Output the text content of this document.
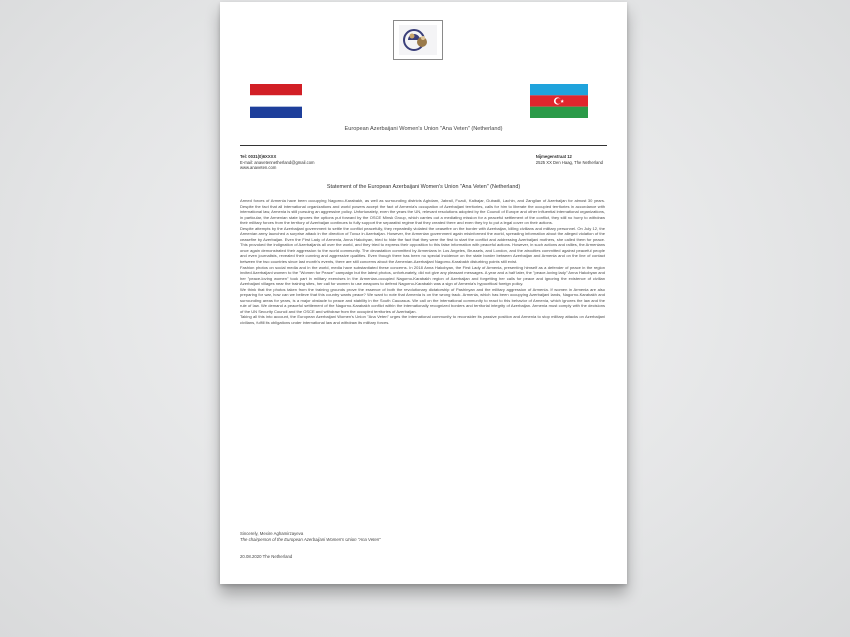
European Azerbaijani Women's Union "Ana Veten" (Netherland)
Tel: 0031(0)6XXXX
E-mail: anavetennetherland@gmail.com
www.anaveten.com
Nijmegenstraat 12
2525 XX Den Haag, The Netherland
Statement of the European Azerbaijani Women's Union "Ana Veten" (Netherland)

Armed forces of Armenia have been occupying Nagorno-Karabakh, as well as surrounding districts Aghdam, Jabrail, Fuzuli, Kalbajar, Gubadli, Lachin, and Zangilan of Azerbaijan for almost 30 years. Despite the fact that all international organizations and world powers accept the fact of Armenia's occupation of Azerbaijani territories, calls for him to liberate the occupied territories in accordance with international law, Armenia is still pursuing an aggressive policy. Unfortunately, even the years the UN, relevant resolutions adopted by the Council of Europe and other influential international organizations, in particular, the Armenian state ignores the options put forward by the OSCE Minsk Group, which carries out a mediating mission for a peaceful settlement of the conflict, they still no hurry to withdraw their military forces from the territory of Azerbaijan continues to fully support the separatist regime that they created there and even they try to put a legal cover on their actions.

Despite attempts by the Azerbaijani government to settle the conflict peacefully, they repeatedly violated the ceasefire on the border with Azerbaijan, killing civilians and military personnel. On July 12, the Armenian army launched a surprise attack in the direction of Tovuz in Azerbaijan. However, the Armenian government again misinformed the world, spreading information about the alleged violation of the ceasefire by Azerbaijan. Even the First Lady of Armenia, Anna Hakobyan, tried to hide the fact that they were the first to start the conflict and addressing Azerbaijani mothers, she called them for peace. This provoked the indignation of Azerbaijanis all over the world, and they tried to express their opposition to this false information with peaceful actions. However, in such actions and rallies, the Armenians once again demonstrated their aggression to the world community. The devastation committed by Armenians in Los Angeles, Brussels, and London, and the atrocities committed against peaceful people and even journalists, revealed their cunning and aggressive qualities. Even though there has been no special incidence on the state border between Azerbaijan and Armenia and on the line of contact between the two countries since last month's events, there are still concerns about the Armenian-Azerbaijani Nagorno-Karabakh disturbing points still exist.

Fashion photos on social media and in the world, media have substantiated these concerns. In 2018 Anna Hakobyan, the First Lady of Armenia, presenting himself as a defender of peace in the region invited Azerbaijani women to the "Women for Peace" campaign but the latest photos, unfortunately, did not give any pleasant messages. A year and a half later, the "peace-loving lady" Anna Hakobyan and her "peace-loving women" took part in military exercises in the Armenian-occupied Nagorno-Karabakh region of Azerbaijan and forgetting her calls for peace and ignoring the existence of civilian Azerbaijani villages near the training sites, her call for women to use weapons to defend Nagorno-Karabakh was a sign of Armenia's hypocritical foreign policy.

We think that the photos taken from the training grounds prove the essence of both the revolutionary dictatorship of Pashinyan and the military aggression of Armenia. If women in Armenia are also preparing for war, how can we believe that this country wants peace? We want to note that Armenia is on the wrong track. Armenia, which has been occupying Azerbaijani lands, Nagorno-Karabakh and surrounding areas for years, is a major obstacle to peace and stability in the South Caucasus. We call on the international community to react to this behavior of Armenia, which ignores the law and the rule of law. We demand a peaceful settlement of the Nagorno-Karabakh conflict within the internationally recognized borders and territorial integrity of Azerbaijan. Armenia must comply with the decisions of the UN Security Council and the OSCE and withdraw from the occupied territories of Azerbaijan.

Taking all this into account, the European Azerbaijani Women's Union "Ana Veten" urges the international community to reconsider its passive position and Armenia to stop military attacks on Azerbaijani civilians, fulfill its obligations under international law and withdraw its military forces.

Sincerely, Mexire Aghamirzayeva
The chairperson of the European Azerbaijani Women's Union "Ana Veten"
20.08.2020 The Netherland
